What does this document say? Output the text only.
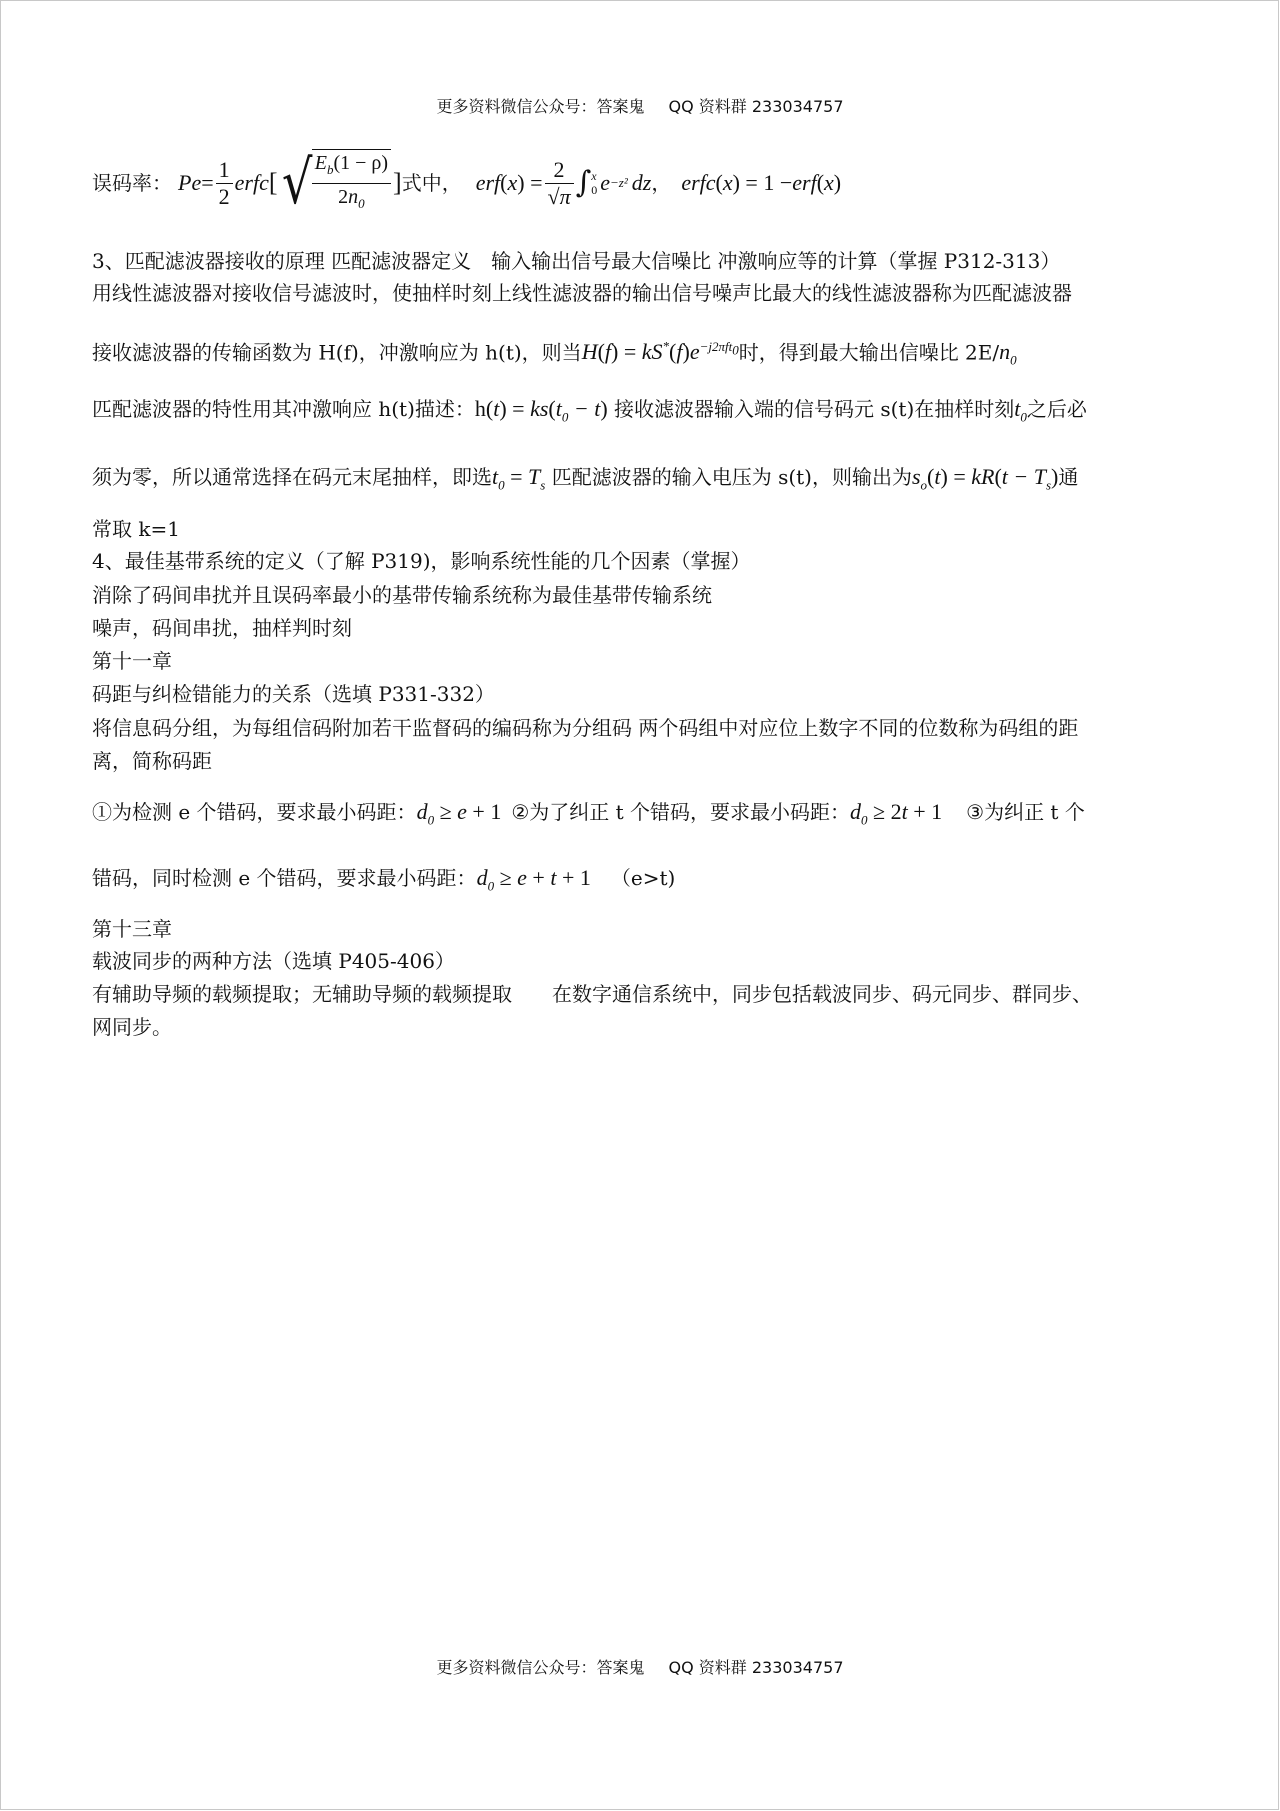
更多资料微信公众号：答案鬼 QQ 资料群 233034757
误码率： $Pe = \frac{1}{2}$ erfc [ √ $\frac{E_b(1 - \rho)}{2n_0}$ ] 式中， erf ( x ) = $\frac{2}{√\pi}$ ∫ x
0 e −z² dz ， erfc ( x ) = 1 − erf ( x )
3、匹配滤波器接收的原理 匹配滤波器定义　输入输出信号最大信噪比 冲激响应等的计算（掌握 P312-313）
用线性滤波器对接收信号滤波时，使抽样时刻上线性滤波器的输出信号噪声比最大的线性滤波器称为匹配滤波器
接收滤波器的传输函数为 H(f)，冲激响应为 h(t)，则当$H(f) = kS^*(f)e^{-j2\pi ft_0}$时，得到最大输出信噪比 $2E/n_0$
匹配滤波器的特性用其冲激响应 h(t)描述：$h(t) = ks(t_0 - t)$ 接收滤波器输入端的信号码元 s(t)在抽样时刻$t_0$之后必
须为零，所以通常选择在码元末尾抽样，即选$t_0 = T_s$ 匹配滤波器的输入电压为 s(t)，则输出为$s_o(t) = kR(t - T_s)$通
常取 k=1
4、最佳基带系统的定义（了解 P319)，影响系统性能的几个因素（掌握）
消除了码间串扰并且误码率最小的基带传输系统称为最佳基带传输系统
噪声，码间串扰，抽样判时刻
第十一章
码距与纠检错能力的关系（选填 P331-332）
将信息码分组，为每组信码附加若干监督码的编码称为分组码 两个码组中对应位上数字不同的位数称为码组的距
离，简称码距
①为检测 e 个错码，要求最小码距：$d_0 \ge e + 1$ ②为了纠正 t 个错码，要求最小码距：$d_0 \ge 2t + 1$ ③为纠正 t 个
错码，同时检测 e 个错码，要求最小码距：$d_0 \ge e + t + 1$ （e>t)
第十三章
载波同步的两种方法（选填 P405-406）
有辅助导频的载频提取；无辅助导频的载频提取　　在数字通信系统中，同步包括载波同步、码元同步、群同步、
网同步。
更多资料微信公众号：答案鬼 QQ 资料群 233034757
